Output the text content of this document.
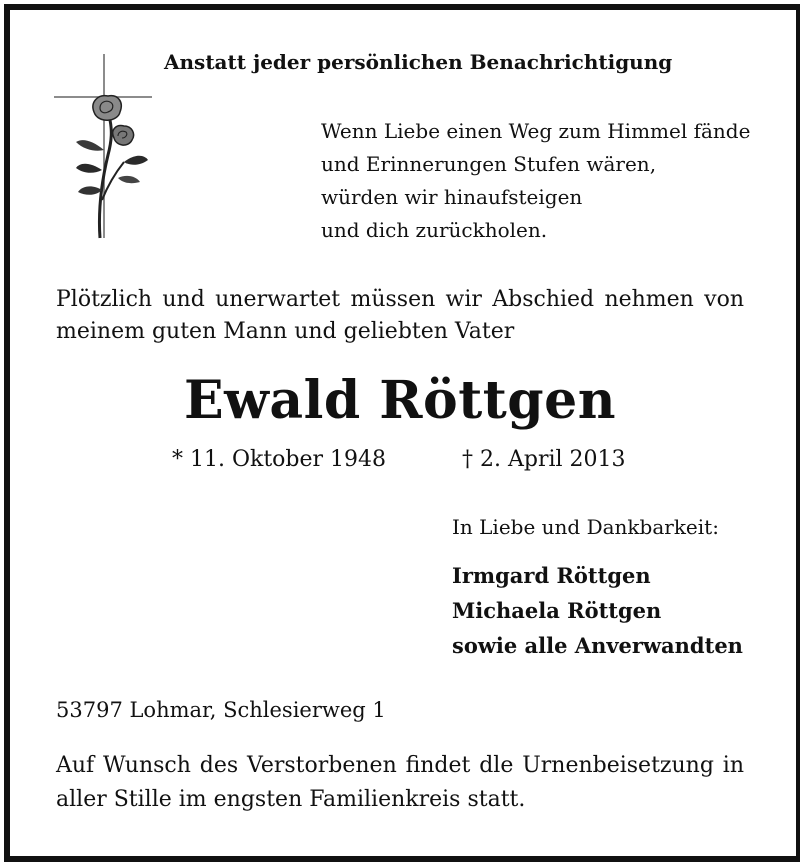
Anstatt jeder persönlichen Benachrichtigung
Wenn Liebe einen Weg zum Himmel fände
und Erinnerungen Stufen wären,
würden wir hinaufsteigen
und dich zurückholen.
Plötzlich und unerwartet müssen wir Abschied nehmen von meinem guten Mann und geliebten Vater
Ewald Röttgen
* 11. Oktober 1948	† 2. April 2013
In Liebe und Dankbarkeit:
Irmgard Röttgen
Michaela Röttgen
sowie alle Anverwandten
53797 Lohmar, Schlesierweg 1
Auf Wunsch des Verstorbenen findet dle Urnenbeisetzung in aller Stille im engsten Familienkreis statt.
